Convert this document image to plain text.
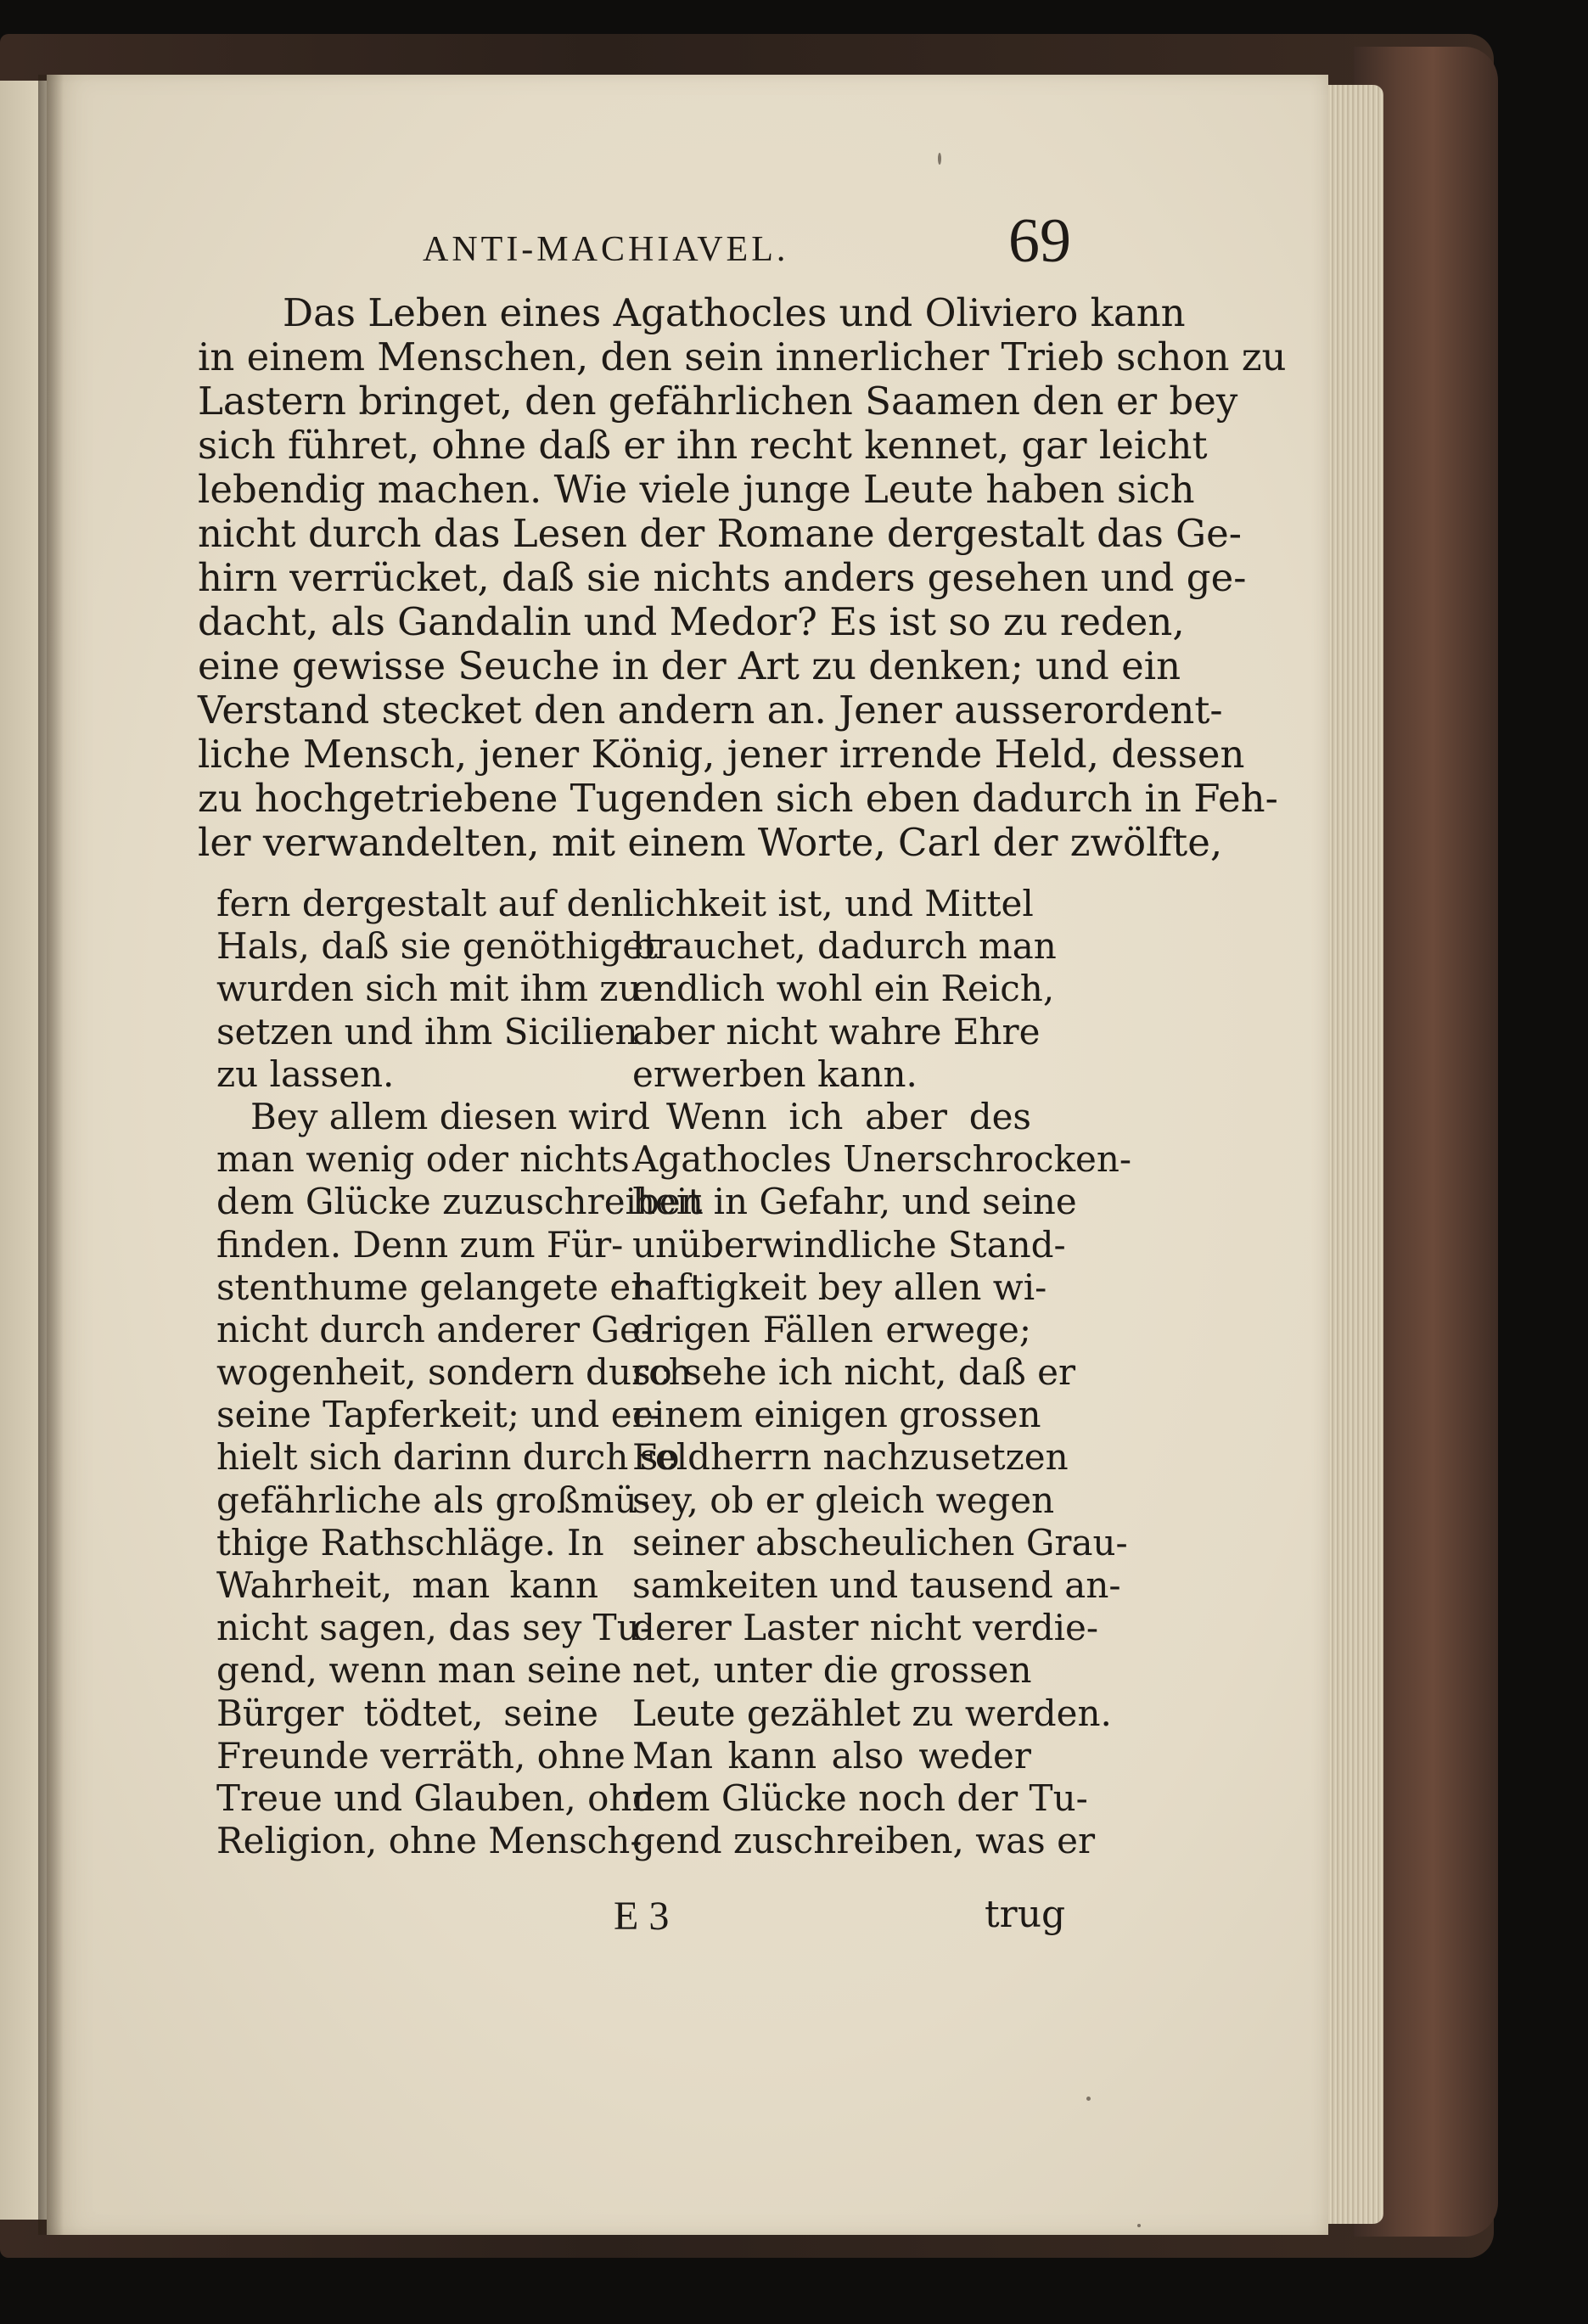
ANTI-MACHIAVEL.	69
Das Leben eines Agathocles und Oliviero kann
in einem Menschen, den sein innerlicher Trieb schon zu
Lastern bringet, den gefährlichen Saamen den er bey
sich führet, ohne daß er ihn recht kennet, gar leicht
lebendig machen. Wie viele junge Leute haben sich
nicht durch das Lesen der Romane dergestalt das Ge-
hirn verrücket, daß sie nichts anders gesehen und ge-
dacht, als Gandalin und Medor? Es ist so zu reden,
eine gewisse Seuche in der Art zu denken; und ein
Verstand stecket den andern an. Jener ausserordent-
liche Mensch, jener König, jener irrende Held, dessen
zu hochgetriebene Tugenden sich eben dadurch in Feh-
ler verwandelten, mit einem Worte, Carl der zwölfte,
fern dergestalt auf den
Hals, daß sie genöthiget
wurden sich mit ihm zu
setzen und ihm Sicilien
zu lassen.
Bey allem diesen wird
man wenig oder nichts
dem Glücke zuzuschreiben
finden. Denn zum Für-
stenthume gelangete er
nicht durch anderer Ge-
wogenheit, sondern durch
seine Tapferkeit; und er-
hielt sich darinn durch so
gefährliche als großmü-
thige Rathschläge. In
Wahrheit, man kann
nicht sagen, das sey Tu-
gend, wenn man seine
Bürger tödtet, seine
Freunde verräth, ohne
Treue und Glauben, ohne
Religion, ohne Mensch-
lichkeit ist, und Mittel
brauchet, dadurch man
endlich wohl ein Reich,
aber nicht wahre Ehre
erwerben kann.
Wenn ich aber des
Agathocles Unerschrocken-
heit in Gefahr, und seine
unüberwindliche Stand-
haftigkeit bey allen wi-
drigen Fällen erwege;
so sehe ich nicht, daß er
einem einigen grossen
Feldherrn nachzusetzen
sey, ob er gleich wegen
seiner abscheulichen Grau-
samkeiten und tausend an-
derer Laster nicht verdie-
net, unter die grossen
Leute gezählet zu werden.
Man kann also weder
dem Glücke noch der Tu-
gend zuschreiben, was er
E 3	trug
